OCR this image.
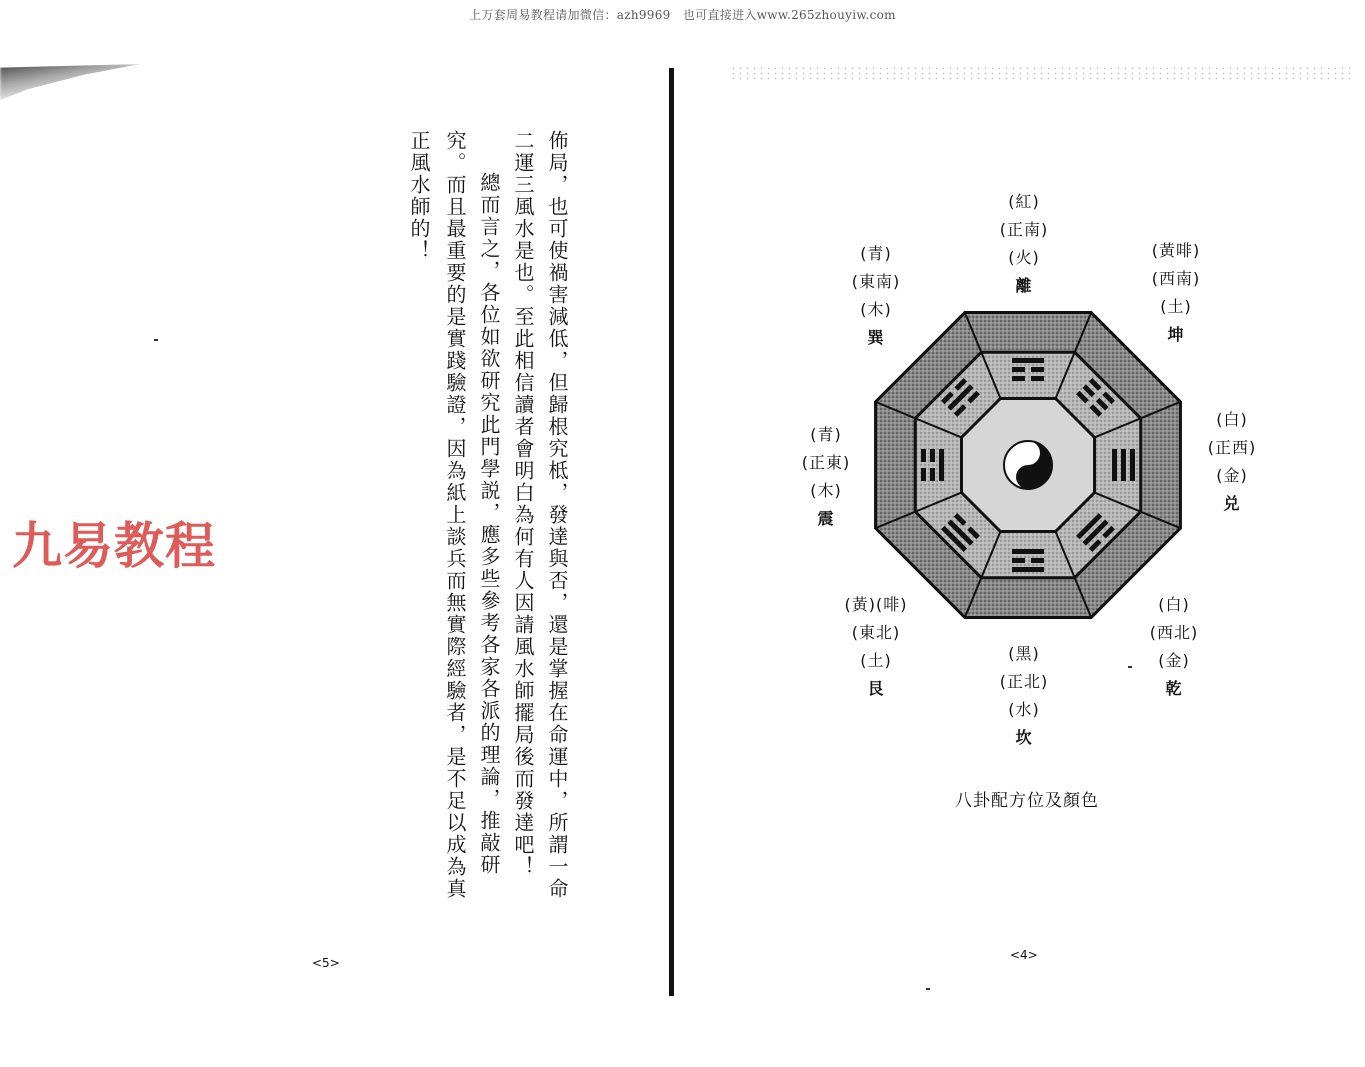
上万套周易教程请加微信：azh9969　也可直接进入www.265zhouyiw.com
九易教程	佈局，也可使禍害減低，但歸根究柢，發達與否，還是掌握在命運中，所謂一命
二運三風水是也。至此相信讀者會明白為何有人因請風水師擺局後而發達吧！
　總而言之，各位如欲研究此門學説，應多些參考各家各派的理論，推敲研
究。而且最重要的是實踐驗證，因為紙上談兵而無實際經驗者，是不足以成為真
正風水師的！
<5>
(紅)
(正南)
(火)
離
(黃啡)
(西南)
(土)
坤
(白)
(正西)
(金)
兑
(白)
(西北)
(金)
乾
(黑)
(正北)
(水)
坎
(黃)(啡)
(東北)
(土)
艮
(青)
(正東)
(木)
震
(青)
(東南)
(木)
巽
八卦配方位及顏色
<4>
